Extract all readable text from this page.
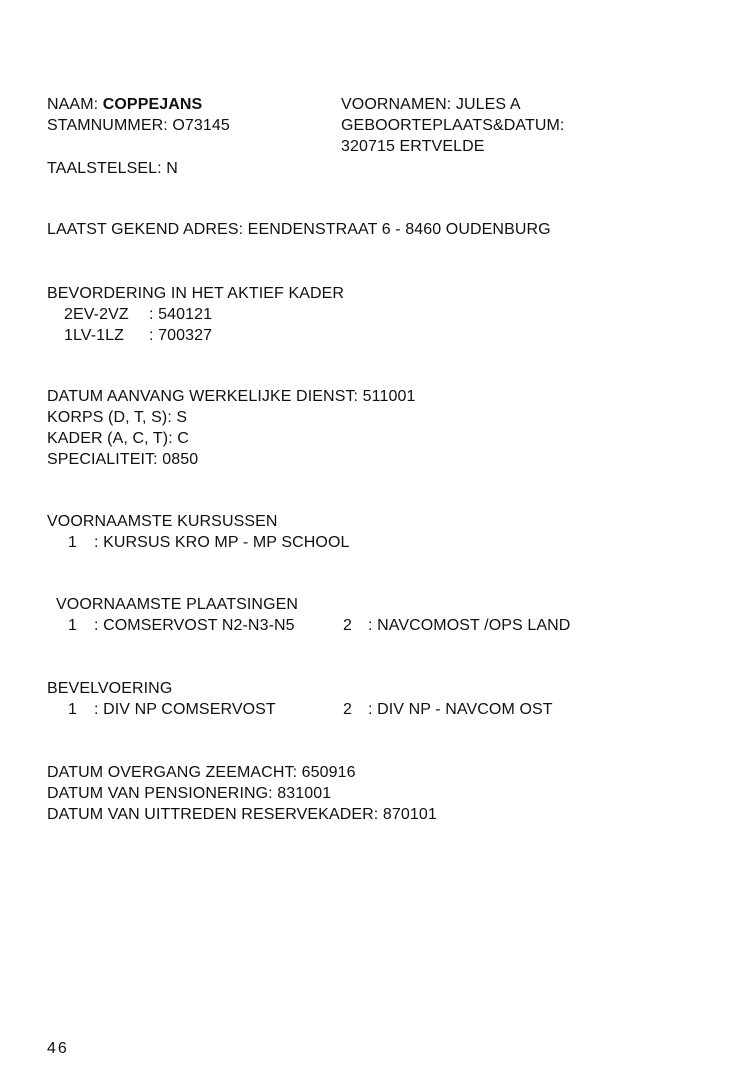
NAAM: COPPEJANS
STAMNUMMER: O73145
TAALSTELSEL: N
VOORNAMEN: JULES A
GEBOORTEPLAATS&DATUM:
320715 ERTVELDE
LAATST GEKEND ADRES: EENDENSTRAAT 6 - 8460 OUDENBURG
BEVORDERING IN HET AKTIEF KADER
2EV-2VZ : 540121
1LV-1LZ : 700327
DATUM AANVANG WERKELIJKE DIENST: 511001
KORPS (D, T, S): S
KADER (A, C, T): C
SPECIALITEIT: 0850
VOORNAAMSTE KURSUSSEN
1 : KURSUS KRO MP - MP SCHOOL
VOORNAAMSTE PLAATSINGEN
1 : COMSERVOST N2-N3-N5	2 : NAVCOMOST /OPS LAND
BEVELVOERING
1 : DIV NP COMSERVOST	2 : DIV NP - NAVCOM OST
DATUM OVERGANG ZEEMACHT: 650916
DATUM VAN PENSIONERING: 831001
DATUM VAN UITTREDEN RESERVEKADER: 870101
46
